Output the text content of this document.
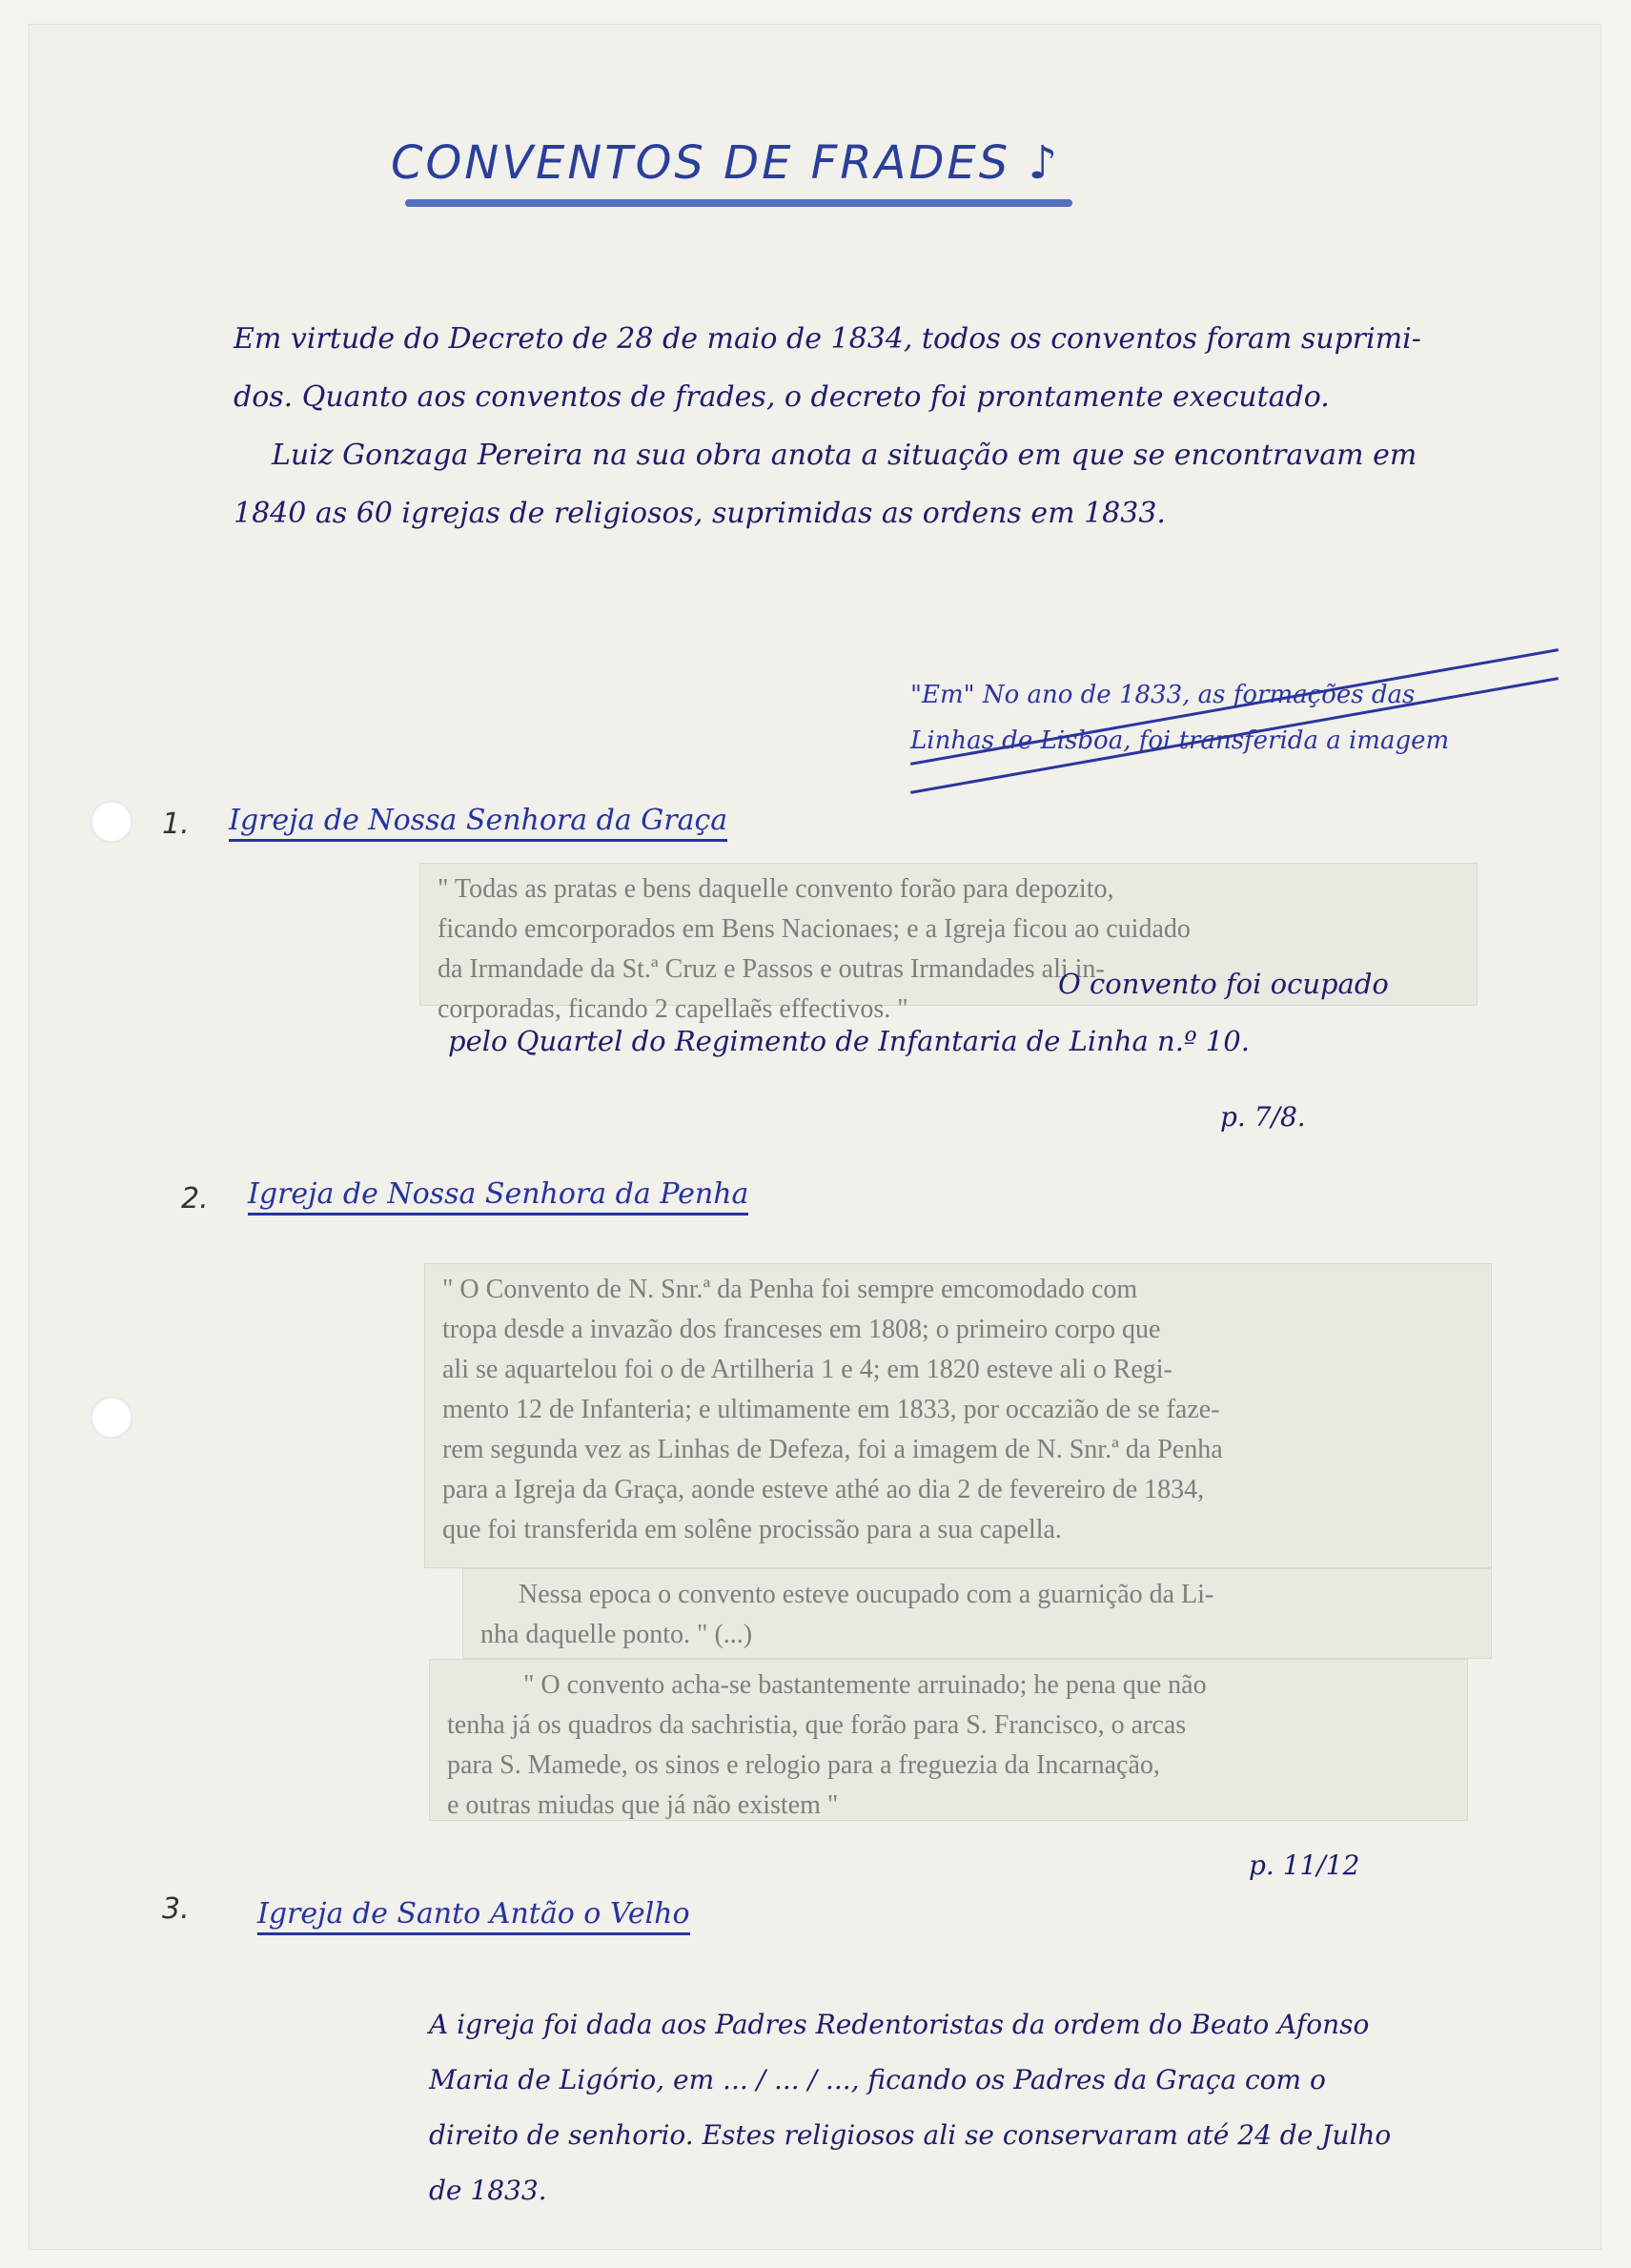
CONVENTOS DE FRADES ♪

Em virtude do Decreto de 28 de maio de 1834, todos os conventos foram suprimi-

dos. Quanto aos conventos de frades, o decreto foi prontamente executado.

Luiz Gonzaga Pereira na sua obra anota a situação em que se encontravam em

1840 as 60 igrejas de religiosos, suprimidas as ordens em 1833.

"Em" No ano de 1833, as formações das
Linhas de Lisboa, foi transferida a imagem
1. Igreja de Nossa Senhora da Graça

" Todas as pratas e bens daquelle convento forão para depozito,

ficando emcorporados em Bens Nacionaes; e a Igreja ficou ao cuidado

da Irmandade da St.ª Cruz e Passos e outras Irmandades ali in-

corporadas, ficando 2 capellaẽs effectivos. "

O convento foi ocupado
pelo Quartel do Regimento de Infantaria de Linha n.º 10.
p. 7/8.
2. Igreja de Nossa Senhora da Penha

" O Convento de N. Snr.ª da Penha foi sempre emcomodado com

tropa desde a invazão dos franceses em 1808; o primeiro corpo que

ali se aquartelou foi o de Artilheria 1 e 4; em 1820 esteve ali o Regi-

mento 12 de Infanteria; e ultimamente em 1833, por occazião de se faze-

rem segunda vez as Linhas de Defeza, foi a imagem de N. Snr.ª da Penha

para a Igreja da Graça, aonde esteve athé ao dia 2 de fevereiro de 1834,

que foi transferida em solêne procissão para a sua capella.

Nessa epoca o convento esteve oucupado com a guarnição da Li-

nha daquelle ponto. " (...)

" O convento acha-se bastantemente arruinado; he pena que não

tenha já os quadros da sachristia, que forão para S. Francisco, o arcas

para S. Mamede, os sinos e relogio para a freguezia da Incarnação,

e outras miudas que já não existem "

p. 11/12
3. Igreja de Santo Antão o Velho

A igreja foi dada aos Padres Redentoristas da ordem do Beato Afonso

Maria de Ligório, em ... / ... / ..., ficando os Padres da Graça com o

direito de senhorio. Estes religiosos ali se conservaram até 24 de Julho

de 1833.
